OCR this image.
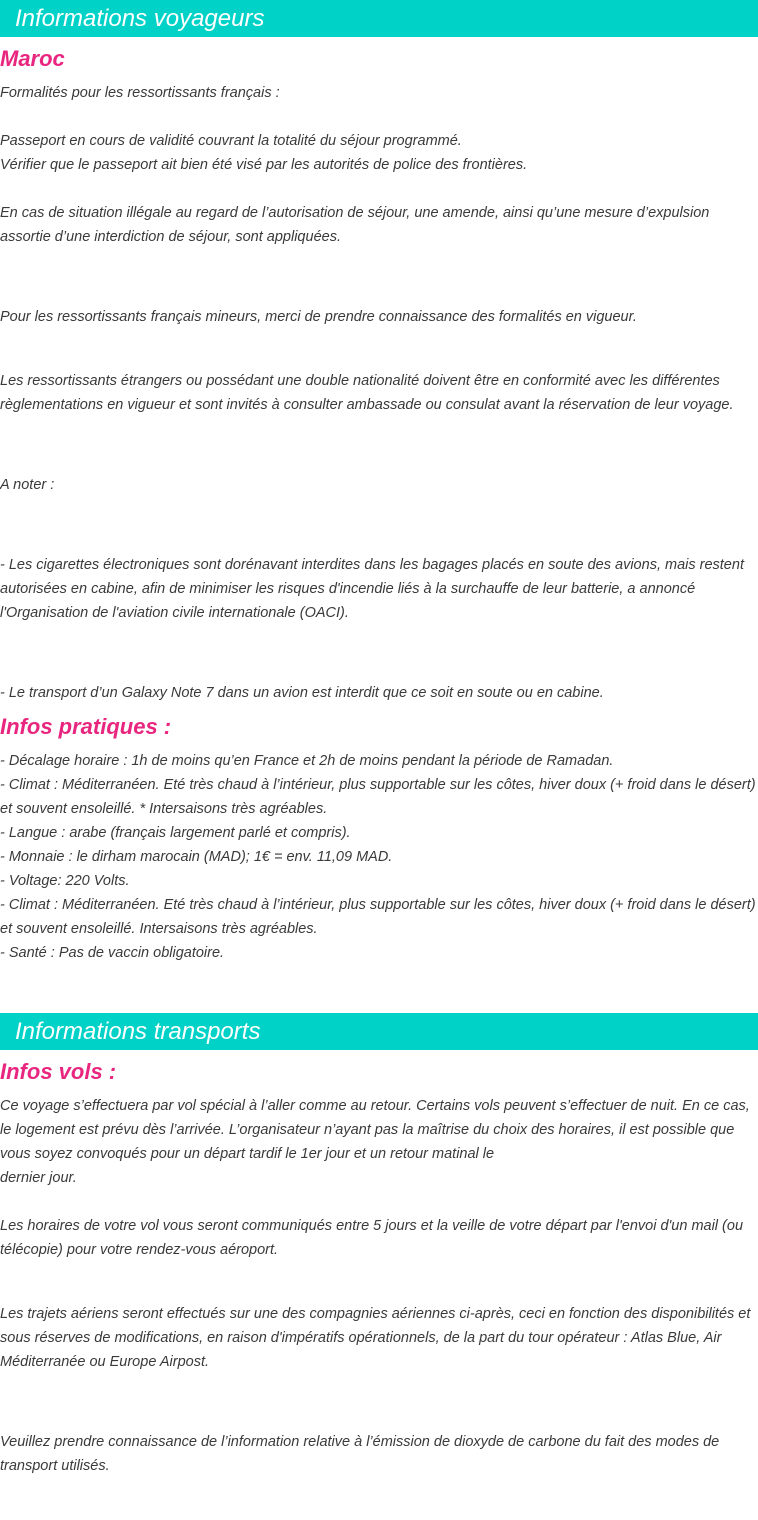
Informations voyageurs
Maroc

Formalités pour les ressortissants français :

Passeport en cours de validité couvrant la totalité du séjour programmé.

Vérifier que le passeport ait bien été visé par les autorités de police des frontières.

En cas de situation illégale au regard de l’autorisation de séjour, une amende, ainsi qu’une mesure d’expulsion assortie d’une interdiction de séjour, sont appliquées.

Pour les ressortissants français mineurs, merci de prendre connaissance des formalités en vigueur.

Les ressortissants étrangers ou possédant une double nationalité doivent être en conformité avec les différentes règlementations en vigueur et sont invités à consulter ambassade ou consulat avant la réservation de leur voyage.

A noter :

- Les cigarettes électroniques sont dorénavant interdites dans les bagages placés en soute des avions, mais restent autorisées en cabine, afin de minimiser les risques d'incendie liés à la surchauffe de leur batterie, a annoncé l'Organisation de l'aviation civile internationale (OACI).

- Le transport d’un Galaxy Note 7 dans un avion est interdit que ce soit en soute ou en cabine.

Infos pratiques :

- Décalage horaire : 1h de moins qu’en France et 2h de moins pendant la période de Ramadan.

- Climat : Méditerranéen. Eté très chaud à l’intérieur, plus supportable sur les côtes, hiver doux (+ froid dans le désert) et souvent ensoleillé. * Intersaisons très agréables.

- Langue : arabe (français largement parlé et compris).

- Monnaie : le dirham marocain (MAD); 1€ = env. 11,09 MAD.

- Voltage: 220 Volts.

- Climat : Méditerranéen. Eté très chaud à l’intérieur, plus supportable sur les côtes, hiver doux (+ froid dans le désert) et souvent ensoleillé. Intersaisons très agréables.

- Santé : Pas de vaccin obligatoire.

Informations transports
Infos vols :

Ce voyage s’effectuera par vol spécial à l’aller comme au retour. Certains vols peuvent s’effectuer de nuit. En ce cas, le logement est prévu dès l’arrivée. L’organisateur n’ayant pas la maîtrise du choix des horaires, il est possible que vous soyez convoqués pour un départ tardif le 1er jour et un retour matinal le

dernier jour.

Les horaires de votre vol vous seront communiqués entre 5 jours et la veille de votre départ par l'envoi d'un mail (ou télécopie) pour votre rendez-vous aéroport.

Les trajets aériens seront effectués sur une des compagnies aériennes ci-après, ceci en fonction des disponibilités et sous réserves de modifications, en raison d'impératifs opérationnels, de la part du tour opérateur : Atlas Blue, Air Méditerranée ou Europe Airpost.

Veuillez prendre connaissance de l’information relative à l’émission de dioxyde de carbone du fait des modes de transport utilisés.
